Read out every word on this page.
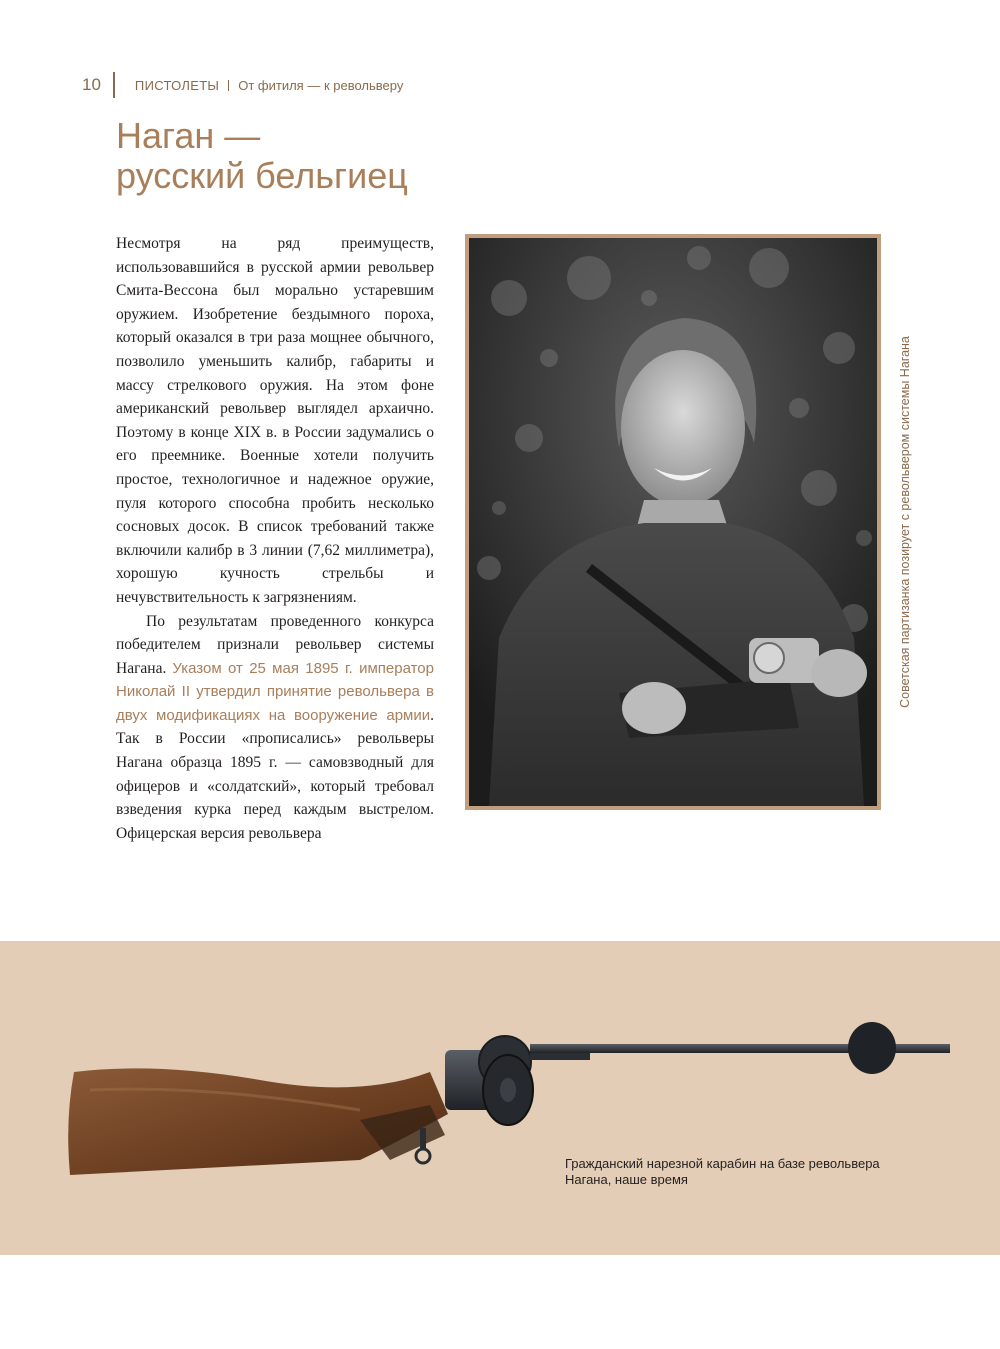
10	ПИСТОЛЕТЫ От фитиля — к револьверу
Наган —
русский бельгиец

Несмотря на ряд преимуществ, использовавшийся в русской армии револьвер Смита-Вессона был морально устаревшим оружием. Изобретение бездымного пороха, который оказался в три раза мощнее обычного, позволило уменьшить калибр, габариты и массу стрелкового оружия. На этом фоне американский револьвер выглядел архаично. Поэтому в конце XIX в. в России задумались о его преемнике. Военные хотели получить простое, технологичное и надежное оружие, пуля которого способна пробить несколько сосновых досок. В список требований также включили калибр в 3 линии (7,62 миллиметра), хорошую кучность стрельбы и нечувствительность к загрязнениям.

По результатам проведенного конкурса победителем признали револьвер системы Нагана. Указом от 25 мая 1895 г. император Николай II утвердил принятие револьвера в двух модификациях на вооружение армии. Так в России «прописались» револьверы Нагана образца 1895 г. — самовзводный для офицеров и «солдатский», который требовал взведения курка перед каждым выстрелом. Офицерская версия револьвера

Советская партизанка позирует с револьвером системы Нагана
Гражданский нарезной карабин на базе револьвера
Нагана, наше время
